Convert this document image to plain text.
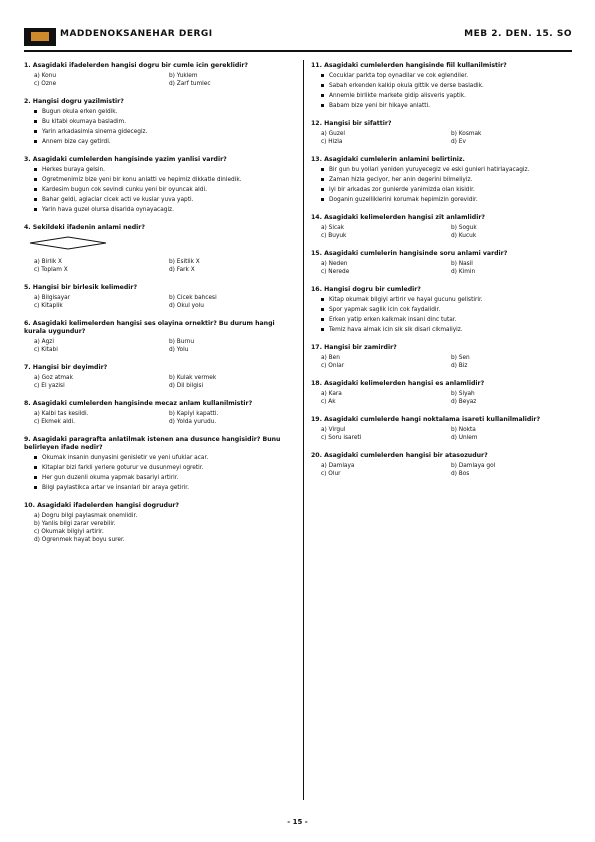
MADDENOKSANEHAR DERGI	MEB 2. DEN. 15. SO
1. Asagidaki ifadelerden hangisi dogru bir cumle icin gereklidir?
a) Konu	b) Yuklem
c) Ozne	d) Zarf tumlec
2. Hangisi dogru yazilmistir?
Bugun okula erken geldik.
Bu kitabi okumaya basladim.
Yarin arkadasimla sinema gidecegiz.
Annem bize cay getirdi.
3. Asagidaki cumlelerden hangisinde yazim yanlisi vardir?
Herkes buraya gelsin.
Ogretmenimiz bize yeni bir konu anlatti ve hepimiz dikkatle dinledik.
Kardesim bugun cok sevindi cunku yeni bir oyuncak aldi.
Bahar geldi, aglaclar cicek acti ve kuslar yuva yapti.
Yarin hava guzel olursa disarida oynayacagiz.
4. Sekildeki ifadenin anlami nedir?
a) Birlik X	b) Esitlik X
c) Toplam X	d) Fark X
5. Hangisi bir birlesik kelimedir?
a) Bilgisayar	b) Cicek bahcesi
c) Kitaplik	d) Okul yolu
6. Asagidaki kelimelerden hangisi ses olayina ornektir? Bu durum hangi kurala uygundur?
a) Agzi	b) Burnu
c) Kitabi	d) Yolu
7. Hangisi bir deyimdir?
a) Goz atmak	b) Kulak vermek
c) El yazisi	d) Dil bilgisi
8. Asagidaki cumlelerden hangisinde mecaz anlam kullanilmistir?
a) Kalbi tas kesildi.	b) Kapiyi kapatti.
c) Ekmek aldi.	d) Yolda yurudu.
9. Asagidaki paragrafta anlatilmak istenen ana dusunce hangisidir? Bunu belirleyen ifade nedir?
Okumak insanin dunyasini genisletir ve yeni ufuklar acar.
Kitaplar bizi farkli yerlere goturur ve dusunmeyi ogretir.
Her gun duzenli okuma yapmak basariyi artirir.
Bilgi paylastikca artar ve insanlari bir araya getirir.
10. Asagidaki ifadelerden hangisi dogrudur?
a) Dogru bilgi paylasmak onemlidir.
b) Yanlis bilgi zarar verebilir.
c) Okumak bilgiyi artirir.
d) Ogrenmek hayat boyu surer.
11. Asagidaki cumlelerden hangisinde fiil kullanilmistir?
Cocuklar parkta top oynadilar ve cok eglendiler.
Sabah erkenden kalkip okula gittik ve derse basladik.
Annemle birlikte markete gidip alisveris yaptik.
Babam bize yeni bir hikaye anlatti.
12. Hangisi bir sifattir?
a) Guzel	b) Kosmak
c) Hizla	d) Ev
13. Asagidaki cumlelerin anlamini belirtiniz.
Bir gun bu yollari yeniden yuruyecegiz ve eski gunleri hatirlayacagiz.
Zaman hizla geciyor, her anin degerini bilmeliyiz.
Iyi bir arkadas zor gunlerde yanimizda olan kisidir.
Doganin guzelliklerini korumak hepimizin gorevidir.
14. Asagidaki kelimelerden hangisi zit anlamlidir?
a) Sicak	b) Soguk
c) Buyuk	d) Kucuk
15. Asagidaki cumlelerin hangisinde soru anlami vardir?
a) Neden	b) Nasil
c) Nerede	d) Kimin
16. Hangisi dogru bir cumledir?
Kitap okumak bilgiyi artirir ve hayal gucunu gelistirir.
Spor yapmak saglik icin cok faydalidir.
Erken yatip erken kalkmak insani dinc tutar.
Temiz hava almak icin sik sik disari cikmaliyiz.
17. Hangisi bir zamirdir?
a) Ben	b) Sen
c) Onlar	d) Biz
18. Asagidaki kelimelerden hangisi es anlamlidir?
a) Kara	b) Siyah
c) Ak	d) Beyaz
19. Asagidaki cumlelerde hangi noktalama isareti kullanilmalidir?
a) Virgul	b) Nokta
c) Soru isareti	d) Unlem
20. Asagidaki cumlelerden hangisi bir atasozudur?
a) Damlaya	b) Damlaya gol
c) Olur	d) Bos
- 15 -
